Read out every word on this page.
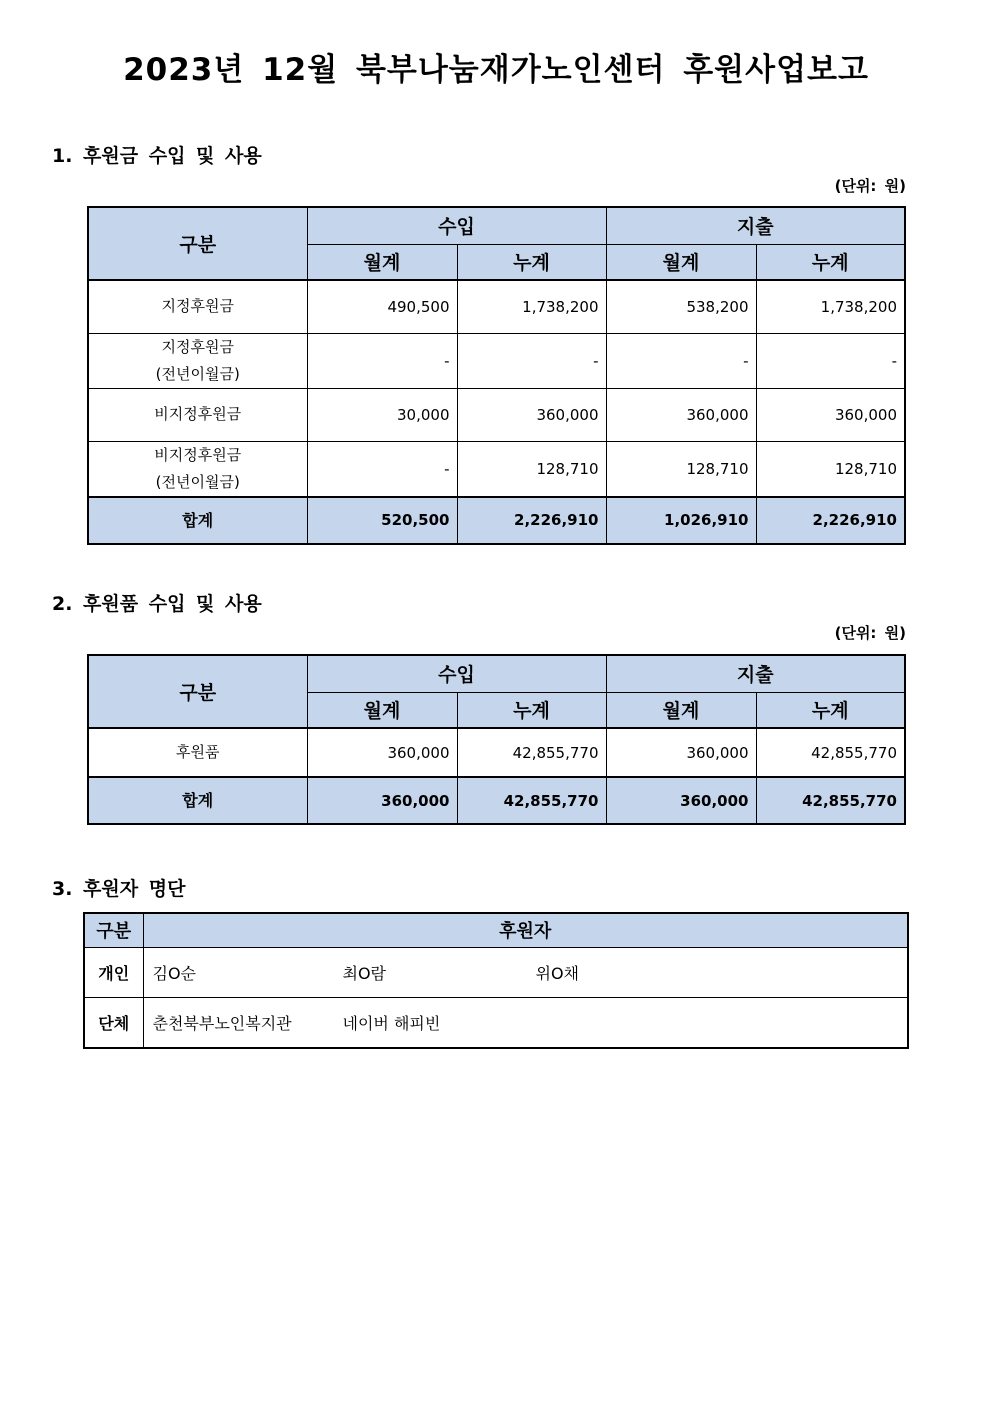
2023년 12월 북부나눔재가노인센터 후원사업보고
1. 후원금 수입 및 사용
(단위: 원)
구분	수입		지출	
	월계	누계	월계	누계
지정후원금	490,500	1,738,200	538,200	1,738,200

지정후원금
(전년이월금)	-	-	-	-
비지정후원금	30,000	360,000	360,000	360,000

비지정후원금
(전년이월금)	-	128,710	128,710	128,710
합계	520,500	2,226,910	1,026,910	2,226,910
2. 후원품 수입 및 사용
(단위: 원)
구분	수입		지출	
	월계	누계	월계	누계
후원품	360,000	42,855,770	360,000	42,855,770
합계	360,000	42,855,770	360,000	42,855,770
3. 후원자 명단
구분	후원자
개인	김O순 최O람 위O채
단체	춘천북부노인복지관 네이버 해피빈
